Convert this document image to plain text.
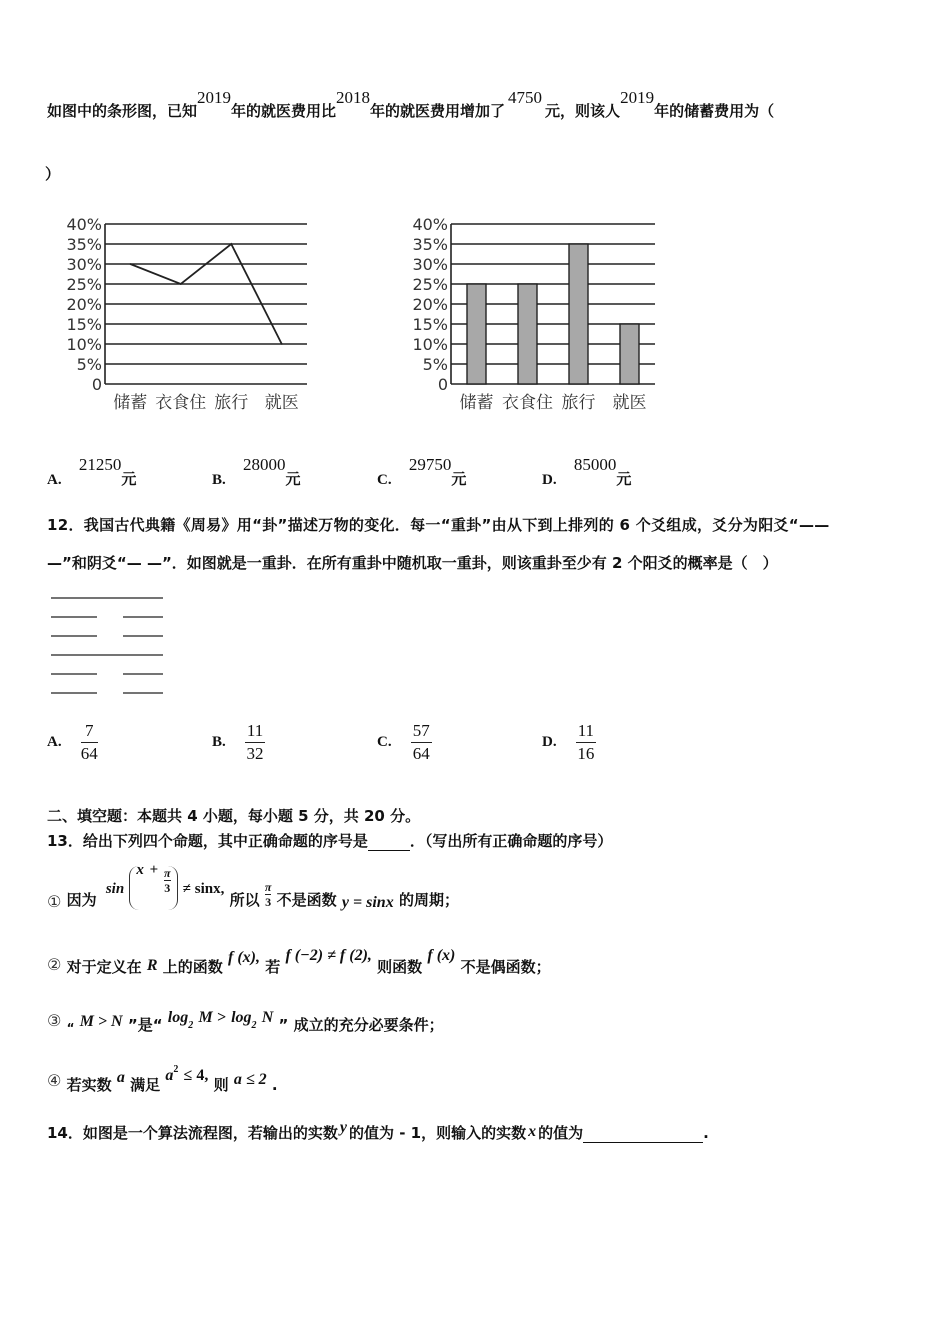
如图中的条形图，已知2019年的就医费用比2018年的就医费用增加了4750元，则该人2019年的储蓄费用为（
）
0
5%
10%
15%
20%
25%
30%
35%
40%
储蓄 衣食住 旅行 就医
0
5%
10%
15%
20%
25%
30%
35%
40%
储蓄 衣食住 旅行 就医
A. 21250元	B. 28000元	C. 29750元	D. 85000元
12．我国古代典籍《周易》用“卦”描述万物的变化．每一“重卦”由从下到上排列的 6 个爻组成，爻分为阳爻“——
—”和阴爻“— —”．如图就是一重卦．在所有重卦中随机取一重卦，则该重卦至少有 2 个阳爻的概率是（　）
A. $\frac{7}{64}$	B. $\frac{11}{32}$	C. $\frac{57}{64}$	D. $\frac{11}{16}$
二、填空题：本题共 4 小题，每小题 5 分，共 20 分。
13．给出下列四个命题，其中正确命题的序号是	．（写出所有正确命题的序号）
① 因为 $\sin x + \frac{\pi}{3} \ne \sin x$, 所以 $\frac{\pi}{3}$ 不是函数 y = sinx 的周期；
② 对于定义在 R 上的函数 f (x), 若 f (−2) ≠ f (2), 则函数 f (x) 不是偶函数；
③ $_“$ M > N ”是“ $\log_2 M > \log_2 N$ ” 成立的充分必要条件；
④ 若实数 a 满足 $a^2 \le 4$, 则 a ≤ 2 .
14．如图是一个算法流程图，若输出的实数 y 的值为 - 1，则输入的实数 x 的值为	.
